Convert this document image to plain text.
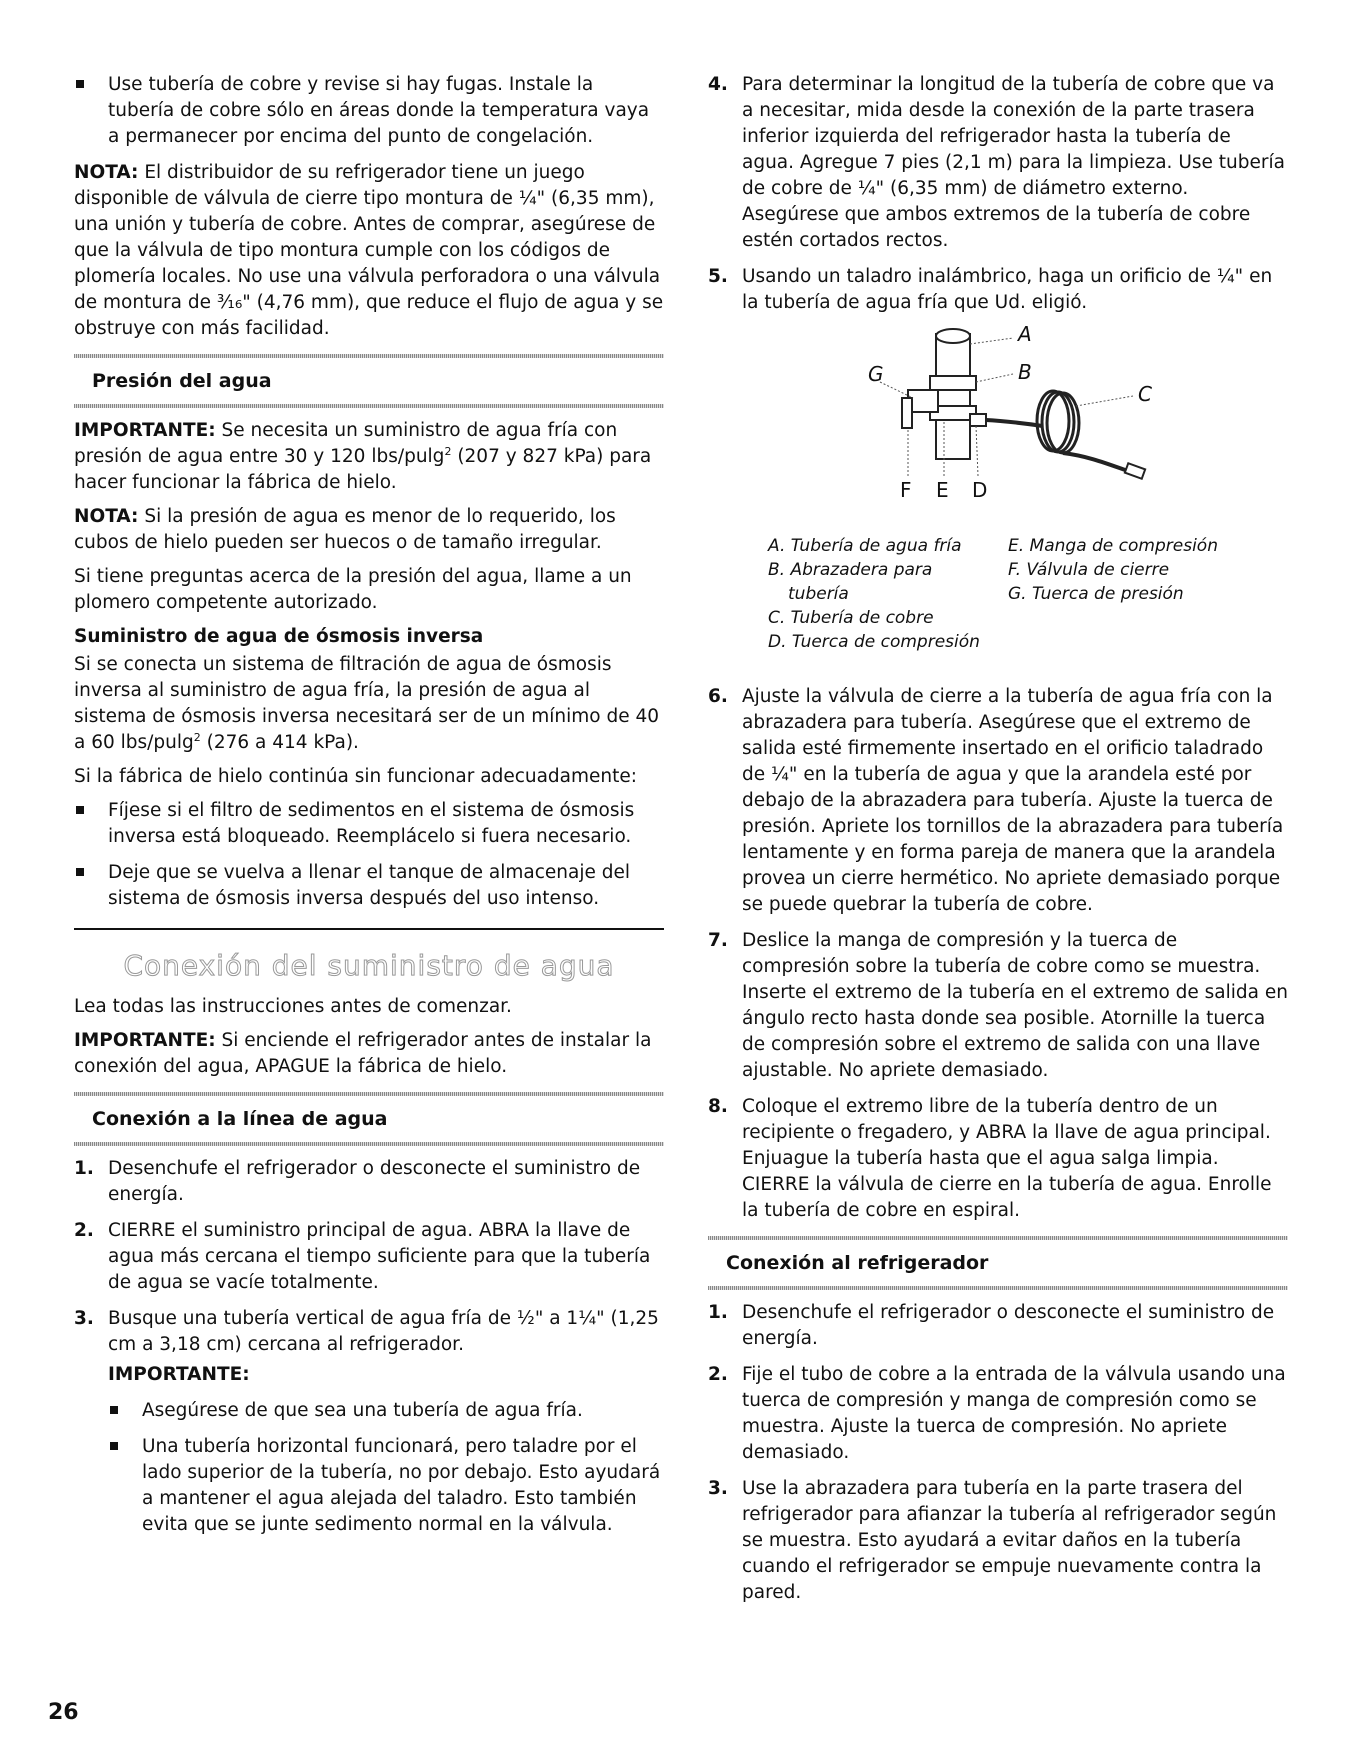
Use tubería de cobre y revise si hay fugas. Instale la tubería de cobre sólo en áreas donde la temperatura vaya a permanecer por encima del punto de congelación.

NOTA: El distribuidor de su refrigerador tiene un juego disponible de válvula de cierre tipo montura de ¼" (6,35 mm), una unión y tubería de cobre. Antes de comprar, asegúrese de que la válvula de tipo montura cumple con los códigos de plomería locales. No use una válvula perforadora o una válvula de montura de ³⁄₁₆" (4,76 mm), que reduce el flujo de agua y se obstruye con más facilidad.

Presión del agua

IMPORTANTE: Se necesita un suministro de agua fría con presión de agua entre 30 y 120 lbs/pulg$^2$ (207 y 827 kPa) para hacer funcionar la fábrica de hielo.

NOTA: Si la presión de agua es menor de lo requerido, los cubos de hielo pueden ser huecos o de tamaño irregular.

Si tiene preguntas acerca de la presión del agua, llame a un plomero competente autorizado.

Suministro de agua de ósmosis inversa

Si se conecta un sistema de filtración de agua de ósmosis inversa al suministro de agua fría, la presión de agua al sistema de ósmosis inversa necesitará ser de un mínimo de 40 a 60 lbs/pulg$^2$ (276 a 414 kPa).

Si la fábrica de hielo continúa sin funcionar adecuadamente:

Fíjese si el filtro de sedimentos en el sistema de ósmosis inversa está bloqueado. Reemplácelo si fuera necesario.
Deje que se vuelva a llenar el tanque de almacenaje del sistema de ósmosis inversa después del uso intenso.
Conexión del suministro de agua

Lea todas las instrucciones antes de comenzar.

IMPORTANTE: Si enciende el refrigerador antes de instalar la conexión del agua, APAGUE la fábrica de hielo.

Conexión a la línea de agua
1. Desenchufe el refrigerador o desconecte el suministro de energía.
2. CIERRE el suministro principal de agua. ABRA la llave de agua más cercana el tiempo suficiente para que la tubería de agua se vacíe totalmente.
3. Busque una tubería vertical de agua fría de ½" a 1¼" (1,25 cm a 3,18 cm) cercana al refrigerador.
IMPORTANTE:
Asegúrese de que sea una tubería de agua fría.
Una tubería horizontal funcionará, pero taladre por el lado superior de la tubería, no por debajo. Esto ayudará a mantener el agua alejada del taladro. Esto también evita que se junte sedimento normal en la válvula.
4. Para determinar la longitud de la tubería de cobre que va a necesitar, mida desde la conexión de la parte trasera inferior izquierda del refrigerador hasta la tubería de agua. Agregue 7 pies (2,1 m) para la limpieza. Use tubería de cobre de ¼" (6,35 mm) de diámetro externo. Asegúrese que ambos extremos de la tubería de cobre estén cortados rectos.
5. Usando un taladro inalámbrico, haga un orificio de ¼" en la tubería de agua fría que Ud. eligió.
A
B
C
G
F E D
A. Tubería de agua fría
B. Abrazadera para
tubería
C. Tubería de cobre
D. Tuerca de compresión
E. Manga de compresión
F. Válvula de cierre
G. Tuerca de presión
6. Ajuste la válvula de cierre a la tubería de agua fría con la abrazadera para tubería. Asegúrese que el extremo de salida esté firmemente insertado en el orificio taladrado de ¼" en la tubería de agua y que la arandela esté por debajo de la abrazadera para tubería. Ajuste la tuerca de presión. Apriete los tornillos de la abrazadera para tubería lentamente y en forma pareja de manera que la arandela provea un cierre hermético. No apriete demasiado porque se puede quebrar la tubería de cobre.
7. Deslice la manga de compresión y la tuerca de compresión sobre la tubería de cobre como se muestra. Inserte el extremo de la tubería en el extremo de salida en ángulo recto hasta donde sea posible. Atornille la tuerca de compresión sobre el extremo de salida con una llave ajustable. No apriete demasiado.
8. Coloque el extremo libre de la tubería dentro de un recipiente o fregadero, y ABRA la llave de agua principal. Enjuague la tubería hasta que el agua salga limpia. CIERRE la válvula de cierre en la tubería de agua. Enrolle la tubería de cobre en espiral.
Conexión al refrigerador
1. Desenchufe el refrigerador o desconecte el suministro de energía.
2. Fije el tubo de cobre a la entrada de la válvula usando una tuerca de compresión y manga de compresión como se muestra. Ajuste la tuerca de compresión. No apriete demasiado.
3. Use la abrazadera para tubería en la parte trasera del refrigerador para afianzar la tubería al refrigerador según se muestra. Esto ayudará a evitar daños en la tubería cuando el refrigerador se empuje nuevamente contra la pared.
26
